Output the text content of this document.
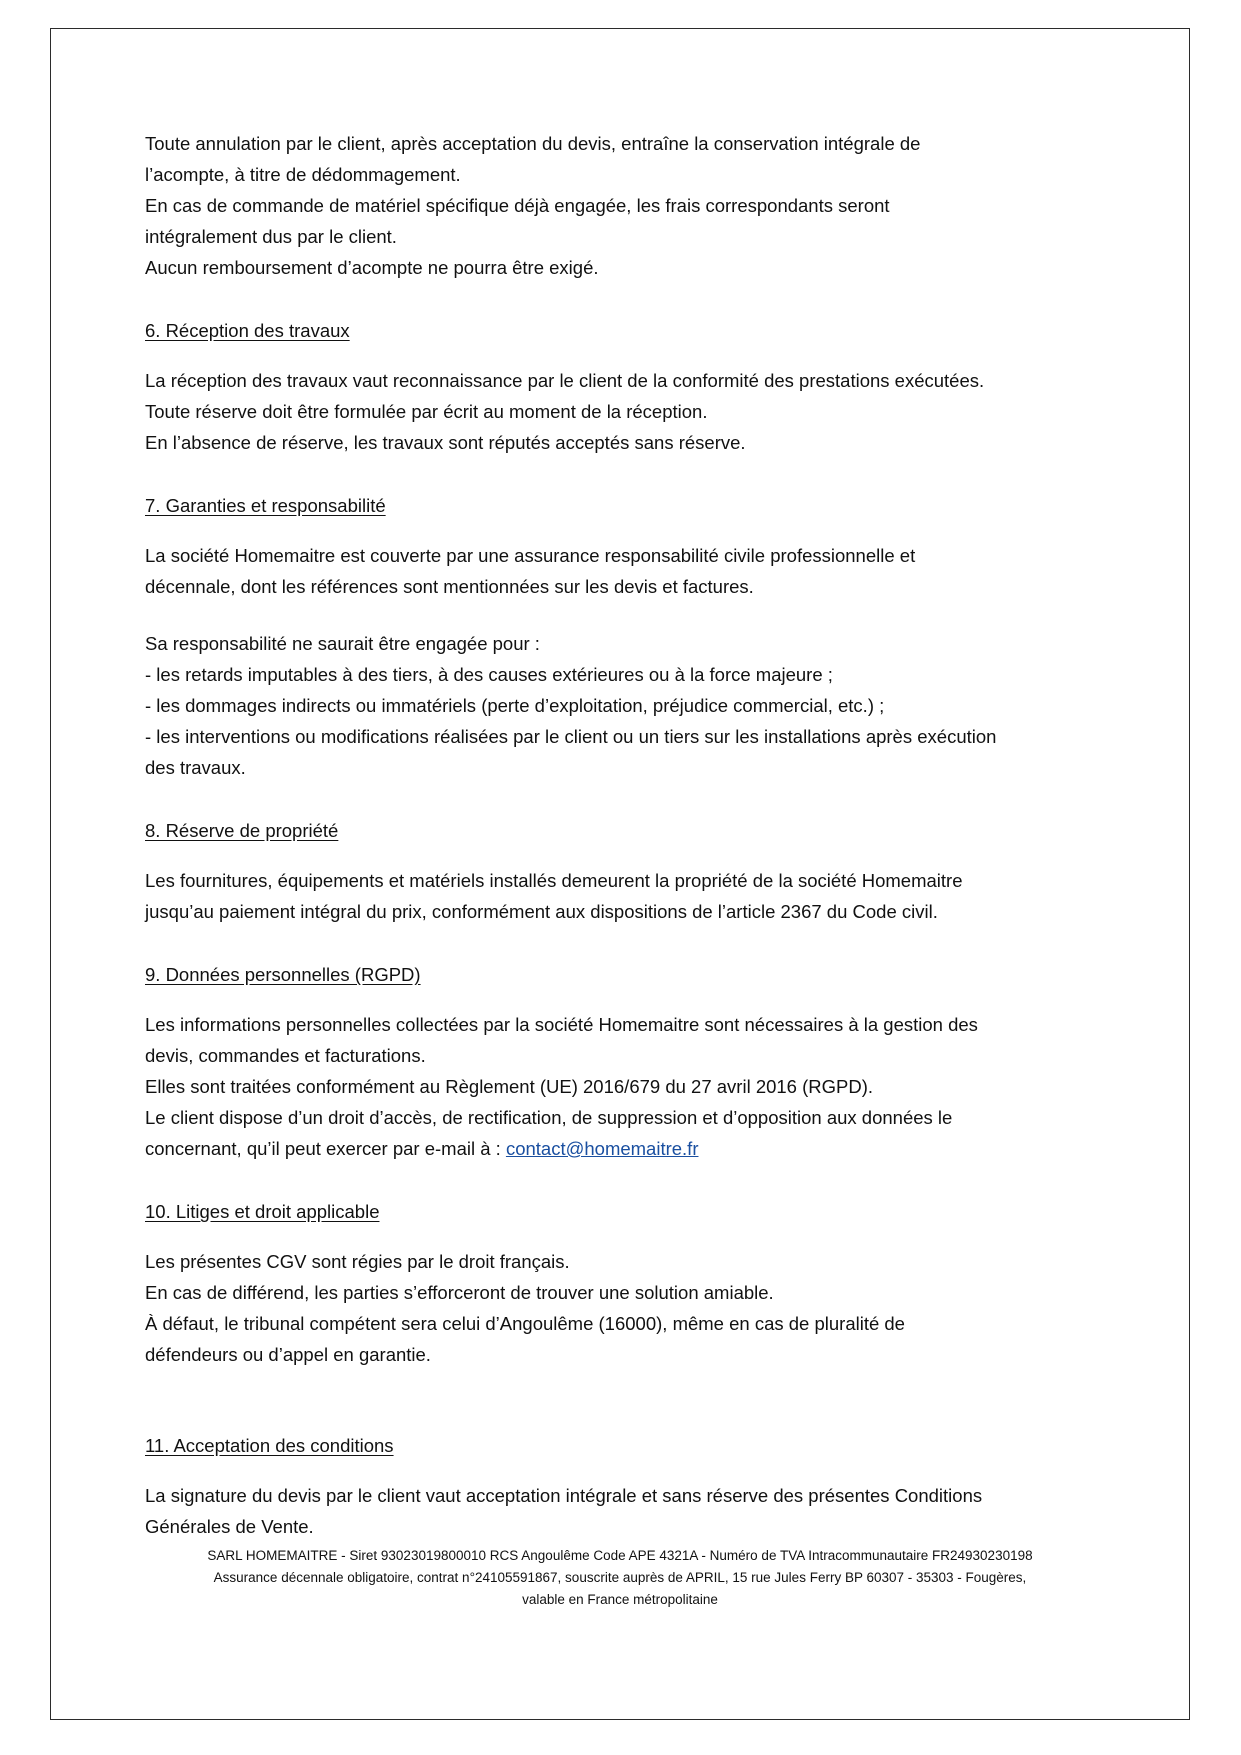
Toute annulation par le client, après acceptation du devis, entraîne la conservation intégrale de l’acompte, à titre de dédommagement.

En cas de commande de matériel spécifique déjà engagée, les frais correspondants seront intégralement dus par le client.

Aucun remboursement d’acompte ne pourra être exigé.

6. Réception des travaux

La réception des travaux vaut reconnaissance par le client de la conformité des prestations exécutées.

Toute réserve doit être formulée par écrit au moment de la réception.

En l’absence de réserve, les travaux sont réputés acceptés sans réserve.

7. Garanties et responsabilité

La société Homemaitre est couverte par une assurance responsabilité civile professionnelle et décennale, dont les références sont mentionnées sur les devis et factures.

Sa responsabilité ne saurait être engagée pour :

- les retards imputables à des tiers, à des causes extérieures ou à la force majeure ;

- les dommages indirects ou immatériels (perte d’exploitation, préjudice commercial, etc.) ;

- les interventions ou modifications réalisées par le client ou un tiers sur les installations après exécution des travaux.

8. Réserve de propriété

Les fournitures, équipements et matériels installés demeurent la propriété de la société Homemaitre jusqu’au paiement intégral du prix, conformément aux dispositions de l’article 2367 du Code civil.

9. Données personnelles (RGPD)

Les informations personnelles collectées par la société Homemaitre sont nécessaires à la gestion des devis, commandes et facturations.

Elles sont traitées conformément au Règlement (UE) 2016/679 du 27 avril 2016 (RGPD).

Le client dispose d’un droit d’accès, de rectification, de suppression et d’opposition aux données le concernant, qu’il peut exercer par e-mail à : contact@homemaitre.fr

10. Litiges et droit applicable

Les présentes CGV sont régies par le droit français.

En cas de différend, les parties s’efforceront de trouver une solution amiable.

À défaut, le tribunal compétent sera celui d’Angoulême (16000), même en cas de pluralité de défendeurs ou d’appel en garantie.

11. Acceptation des conditions

La signature du devis par le client vaut acceptation intégrale et sans réserve des présentes Conditions Générales de Vente.

SARL HOMEMAITRE - Siret 93023019800010 RCS Angoulême Code APE 4321A - Numéro de TVA Intracommunautaire FR24930230198
Assurance décennale obligatoire, contrat n°24105591867, souscrite auprès de APRIL, 15 rue Jules Ferry BP 60307 - 35303 - Fougères,
valable en France métropolitaine
